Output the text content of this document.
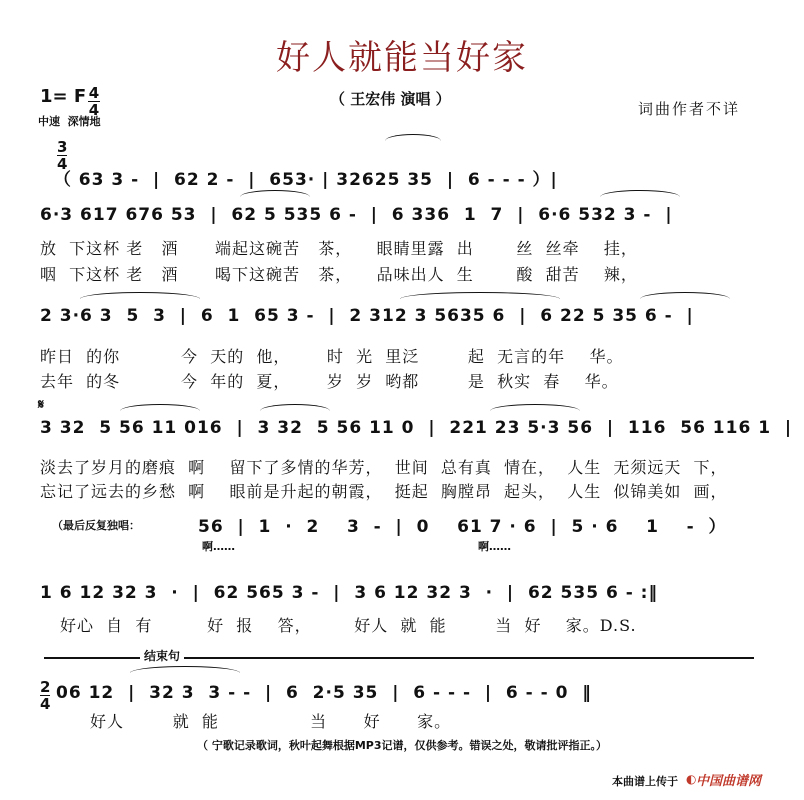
好人就能当好家
（ 王宏伟 演唱 ）
词曲作者不详
1= F 4
4
中速  深情地

（ 63 3 -  |  62 2 -  |  653· | 32625 35  |  6 - - - ）|

3
4
6·3 617 676 53  |  62 5 535 6 -  |  6 336  1  7  |  6·6 532 3 -  |
放  下这杯 老   酒      端起这碗苦   茶，    眼睛里露  出       丝  丝牵    挂，
咽  下这杯 老   酒      喝下这碗苦   茶，    品味出人  生       酸  甜苦    辣，
2 3·6 3  5  3  |  6  1  65 3 -  |  2 312 3 5635 6  |  6 22 5 35 6 -  |
昨日  的你          今  天的  他，      时  光  里泛        起  无言的年    华。
去年  的冬          今  年的  夏，      岁  岁  哟都        是  秋实  春    华。
𝄋
3 32  5 56 11 016  |  3 32  5 56 11 0  |  221 23 5·3 56  |  116  56 116 1  |
淡去了岁月的磨痕  啊    留下了多情的华芳，  世间  总有真  情在，  人生  无须远天  下，
忘记了远去的乡愁  啊    眼前是升起的朝霞，  挺起  胸膛昂  起头，  人生  似锦美如  画，
（最后反复独唱：	56  |  1  ·  2    3  -  |  0    61 7 · 6  |  5 · 6    1    -  ）
啊……	啊……
1 6 12 32 3  ·  |  62 565 3 -  |  3 6 12 32 3  ·  |  62 535 6 - :‖
好心  自  有         好  报    答，       好人  就  能        当  好    家。D.S.
结束句
2
4
06 12  |  32 3  3 - -  |  6  2·5 35  |  6 - - -  |  6 - - 0  ‖
好人        就  能               当      好      家。
（ 宁歌记录歌词，秋叶起舞根据MP3记谱，仅供参考。错误之处，敬请批评指正。）
本曲谱上传于 ◐ 中国曲谱网
